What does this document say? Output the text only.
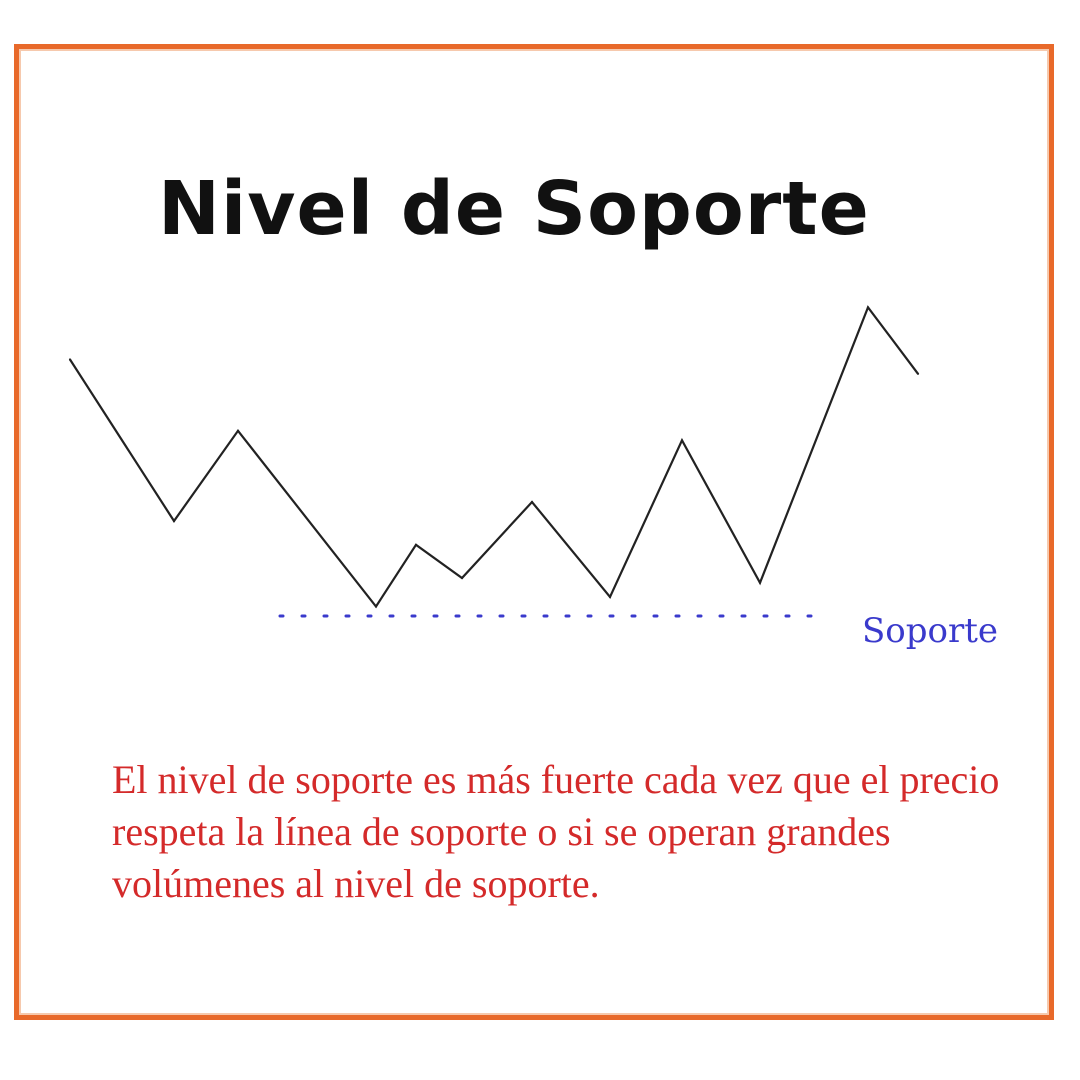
Nivel de Soporte
Soporte

El nivel de soporte es más fuerte cada vez que el precio respeta la línea de soporte o si se operan grandes volúmenes al nivel de soporte.
